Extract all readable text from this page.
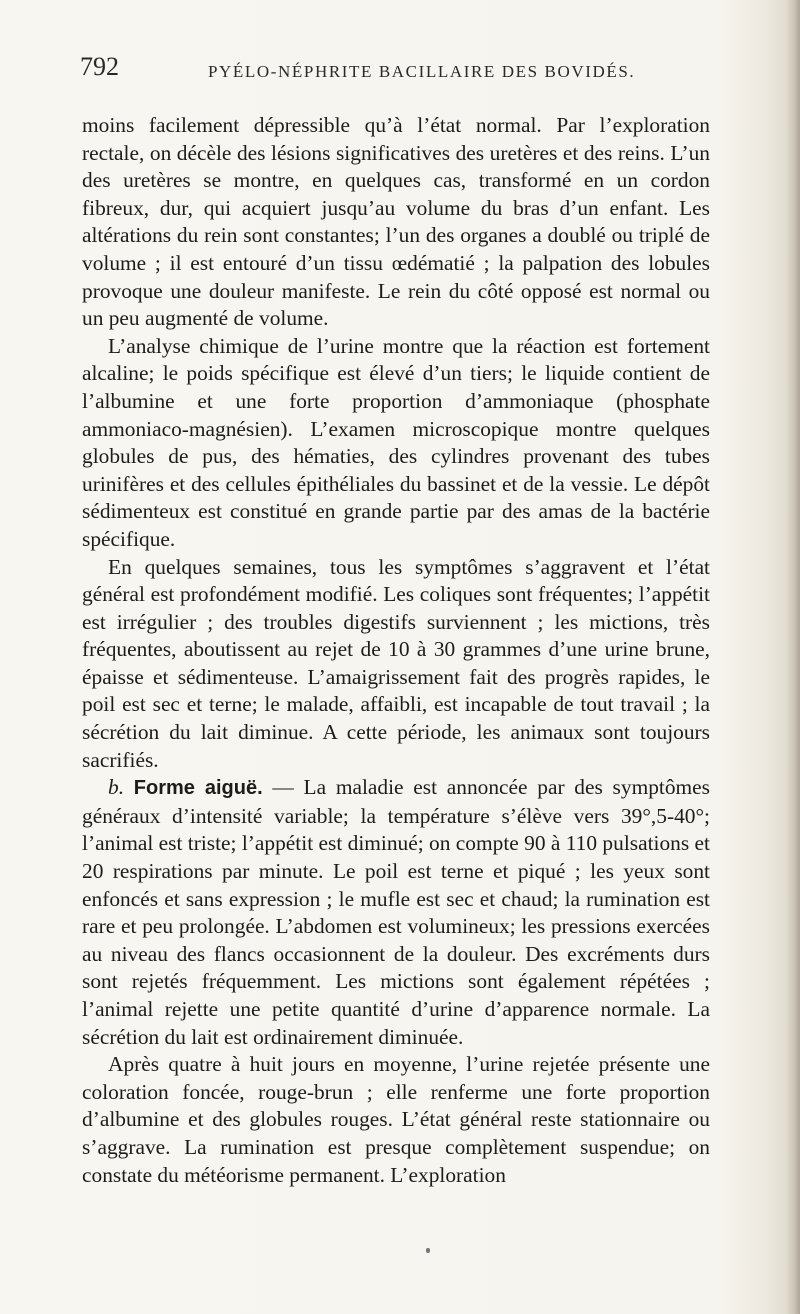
792	PYÉLO-NÉPHRITE BACILLAIRE DES BOVIDÉS.

moins facilement dépressible qu’à l’état normal. Par l’exploration rectale, on décèle des lésions significatives des uretères et des reins. L’un des uretères se montre, en quelques cas, transformé en un cordon fibreux, dur, qui acquiert jusqu’au volume du bras d’un enfant. Les altérations du rein sont constantes; l’un des organes a doublé ou triplé de volume ; il est entouré d’un tissu œdématié ; la palpation des lobules provoque une douleur manifeste. Le rein du côté opposé est normal ou un peu augmenté de volume.

L’analyse chimique de l’urine montre que la réaction est fortement alcaline; le poids spécifique est élevé d’un tiers; le liquide contient de l’albumine et une forte proportion d’ammoniaque (phosphate ammoniaco-magnésien). L’examen microscopique montre quelques globules de pus, des hématies, des cylindres provenant des tubes urinifères et des cellules épithéliales du bassinet et de la vessie. Le dépôt sédimenteux est constitué en grande partie par des amas de la bactérie spécifique.

En quelques semaines, tous les symptômes s’aggravent et l’état général est profondément modifié. Les coliques sont fréquentes; l’appétit est irrégulier ; des troubles digestifs surviennent ; les mictions, très fréquentes, aboutissent au rejet de 10 à 30 grammes d’une urine brune, épaisse et sédimenteuse. L’amaigrissement fait des progrès rapides, le poil est sec et terne; le malade, affaibli, est incapable de tout travail ; la sécrétion du lait diminue. A cette période, les animaux sont toujours sacrifiés.

b. Forme aiguë. — La maladie est annoncée par des symptômes généraux d’intensité variable; la température s’élève vers 39°,5-40°; l’animal est triste; l’appétit est diminué; on compte 90 à 110 pulsations et 20 respirations par minute. Le poil est terne et piqué ; les yeux sont enfoncés et sans expression ; le mufle est sec et chaud; la rumination est rare et peu prolongée. L’abdomen est volumineux; les pressions exercées au niveau des flancs occasionnent de la douleur. Des excréments durs sont rejetés fréquemment. Les mictions sont également répétées ; l’animal rejette une petite quantité d’urine d’apparence normale. La sécrétion du lait est ordinairement diminuée.

Après quatre à huit jours en moyenne, l’urine rejetée présente une coloration foncée, rouge-brun ; elle renferme une forte proportion d’albumine et des globules rouges. L’état général reste stationnaire ou s’aggrave. La rumination est presque complètement suspendue; on constate du météorisme permanent. L’exploration
